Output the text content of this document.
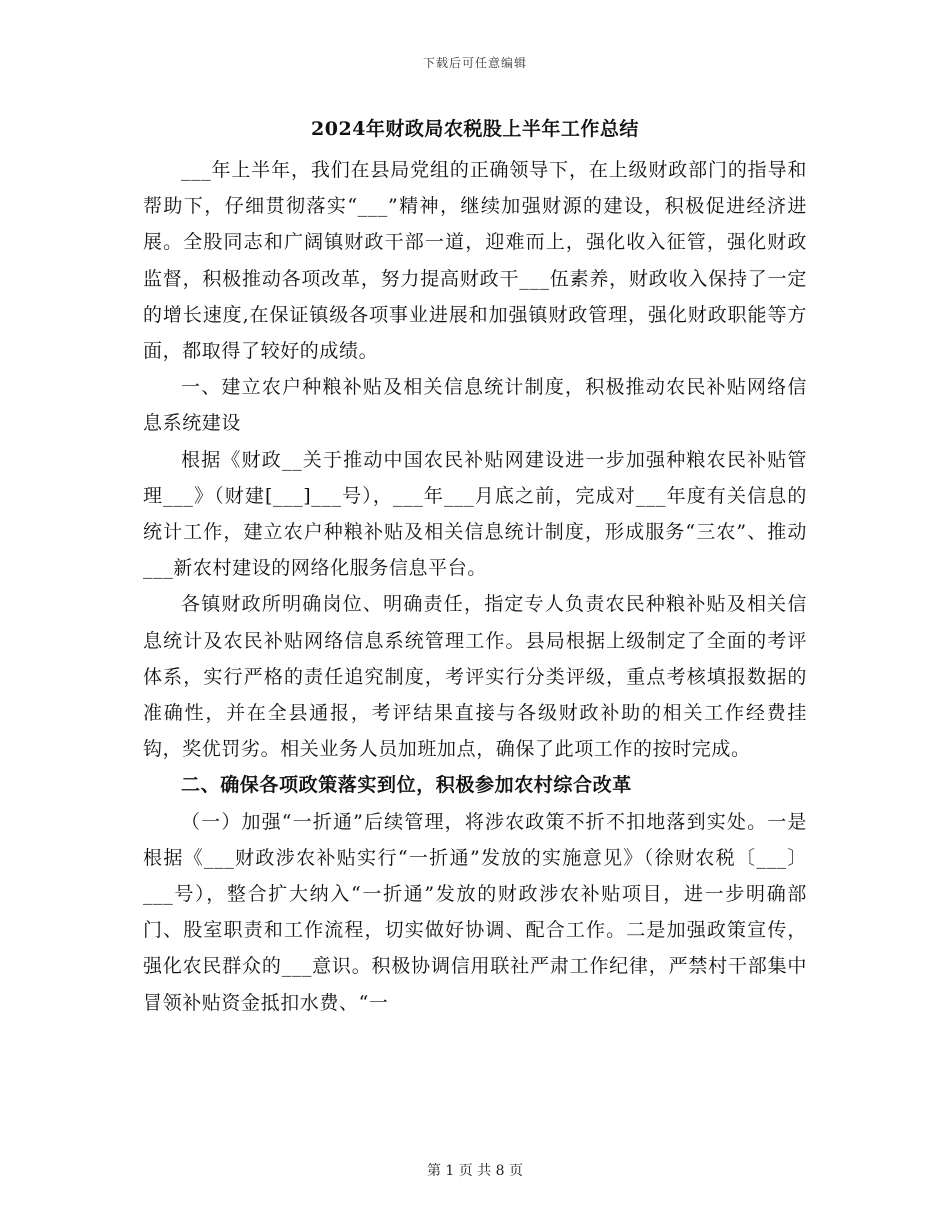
下载后可任意编辑
2024年财政局农税股上半年工作总结

___年上半年，我们在县局党组的正确领导下，在上级财政部门的指导和帮助下，仔细贯彻落实“___”精神，继续加强财源的建设，积极促进经济进展。全股同志和广阔镇财政干部一道，迎难而上，强化收入征管，强化财政监督，积极推动各项改革，努力提高财政干___伍素养，财政收入保持了一定的增长速度,在保证镇级各项事业进展和加强镇财政管理，强化财政职能等方面，都取得了较好的成绩。

一、建立农户种粮补贴及相关信息统计制度，积极推动农民补贴网络信息系统建设

根据《财政__关于推动中国农民补贴网建设进一步加强种粮农民补贴管理___》（财建[___]___号），___年___月底之前，完成对___年度有关信息的统计工作，建立农户种粮补贴及相关信息统计制度，形成服务“三农”、推动___新农村建设的网络化服务信息平台。

各镇财政所明确岗位、明确责任，指定专人负责农民种粮补贴及相关信息统计及农民补贴网络信息系统管理工作。县局根据上级制定了全面的考评体系，实行严格的责任追究制度，考评实行分类评级，重点考核填报数据的准确性，并在全县通报，考评结果直接与各级财政补助的相关工作经费挂钩，奖优罚劣。相关业务人员加班加点，确保了此项工作的按时完成。

二、确保各项政策落实到位，积极参加农村综合改革

（一）加强“一折通”后续管理，将涉农政策不折不扣地落到实处。一是根据《___财政涉农补贴实行“一折通”发放的实施意见》（徐财农税〔___〕___号），整合扩大纳入“一折通”发放的财政涉农补贴项目，进一步明确部门、股室职责和工作流程，切实做好协调、配合工作。二是加强政策宣传，强化农民群众的___意识。积极协调信用联社严肃工作纪律，严禁村干部集中冒领补贴资金抵扣水费、“一

第 1 页 共 8 页
